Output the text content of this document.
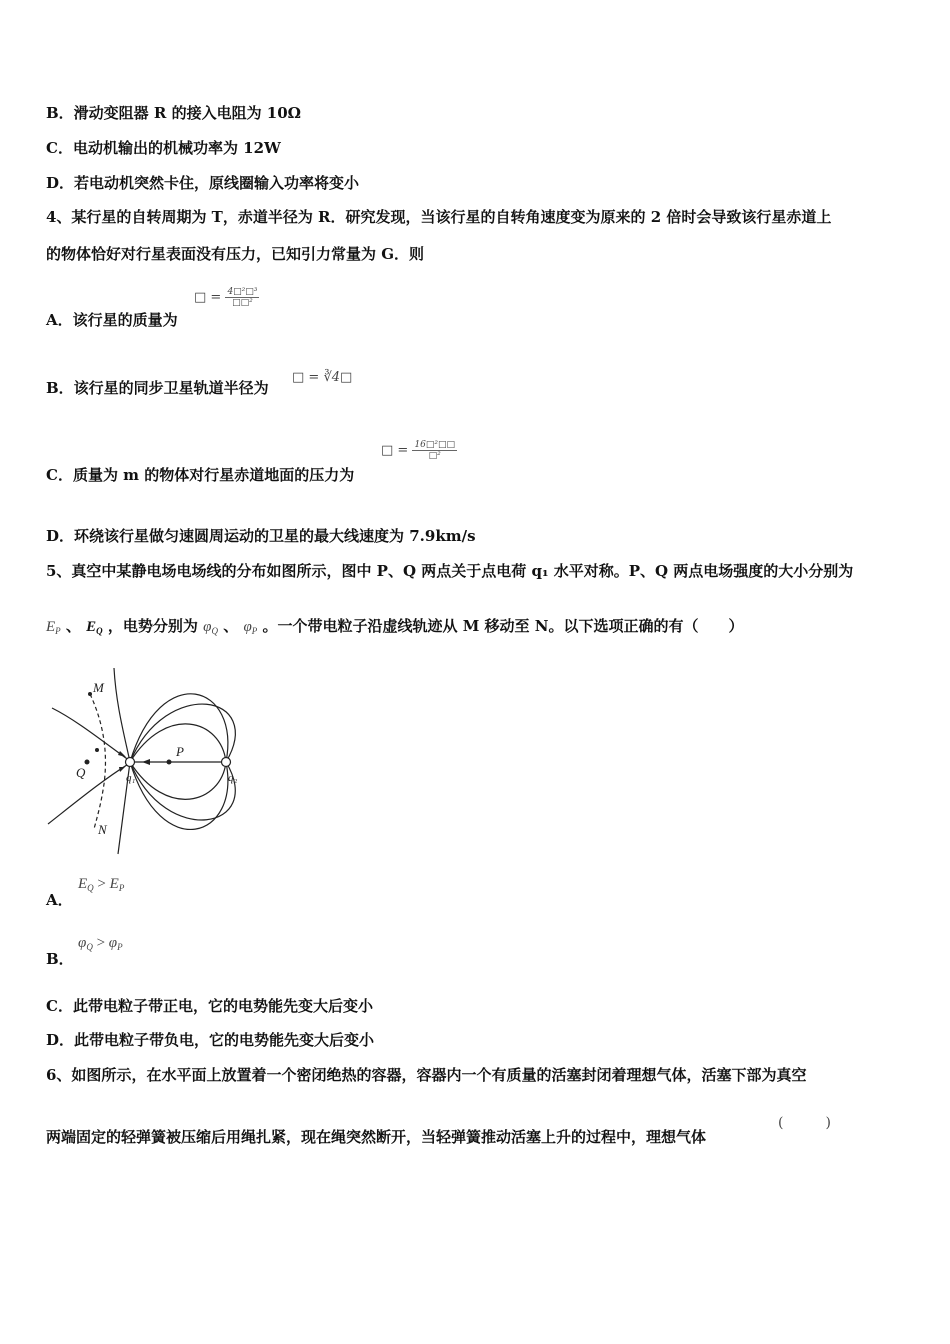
B．滑动变阻器 R 的接入电阻为 10Ω
C．电动机输出的机械功率为 12W
D．若电动机突然卡住，原线圈输入功率将变小
4、某行星的自转周期为 T，赤道半径为 R．研究发现，当该行星的自转角速度变为原来的 2 倍时会导致该行星赤道上
的物体恰好对行星表面没有压力，已知引力常量为 G．则
A．该行星的质量为
□ = 4□²□³
□□²
B．该行星的同步卫星轨道半径为
□ = ∛4□
C．质量为 m 的物体对行星赤道地面的压力为
□ = 16□²□□
□²
D．环绕该行星做匀速圆周运动的卫星的最大线速度为 7.9km/s
5、真空中某静电场电场线的分布如图所示，图中 P、Q 两点关于点电荷 q₁ 水平对称。P、Q 两点电场强度的大小分别为
$E_P$ 、 $E_Q$ ，电势分别为 $\varphi_Q$ 、 $\varphi_P$ 。一个带电粒子沿虚线轨迹从 M 移动至 N。以下选项正确的有（　　）
M
Q
P
q₁	q₂
N
A．
$E_Q > E_P$
B．
$\varphi_Q > \varphi_P$
C．此带电粒子带正电，它的电势能先变大后变小
D．此带电粒子带负电，它的电势能先变大后变小
6、如图所示，在水平面上放置着一个密闭绝热的容器，容器内一个有质量的活塞封闭着理想气体，活塞下部为真空
两端固定的轻弹簧被压缩后用绳扎紧，现在绳突然断开，当轻弹簧推动活塞上升的过程中，理想气体
(　　　)
